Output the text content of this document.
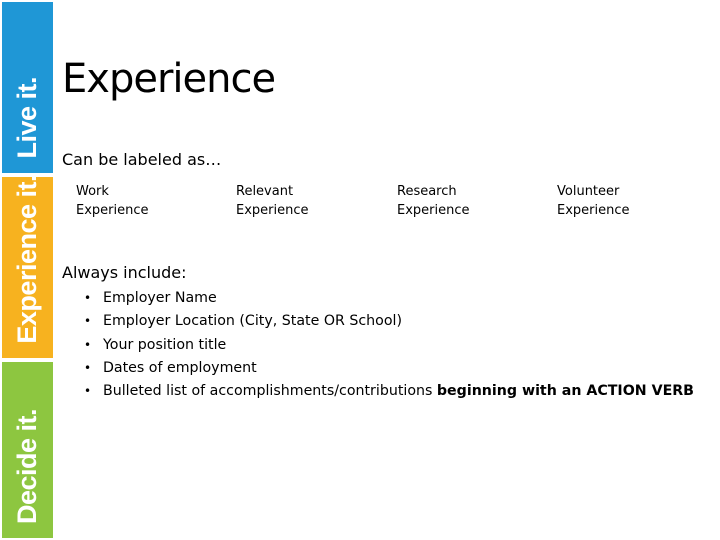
Live it.
Experience it.
Decide it.
Experience
Can be labeled as…
Work
Experience
Relevant
Experience
Research
Experience
Volunteer
Experience
Always include:
• Employer Name
• Employer Location (City, State OR School)
• Your position title
• Dates of employment
• Bulleted list of accomplishments/contributions beginning with an ACTION VERB
